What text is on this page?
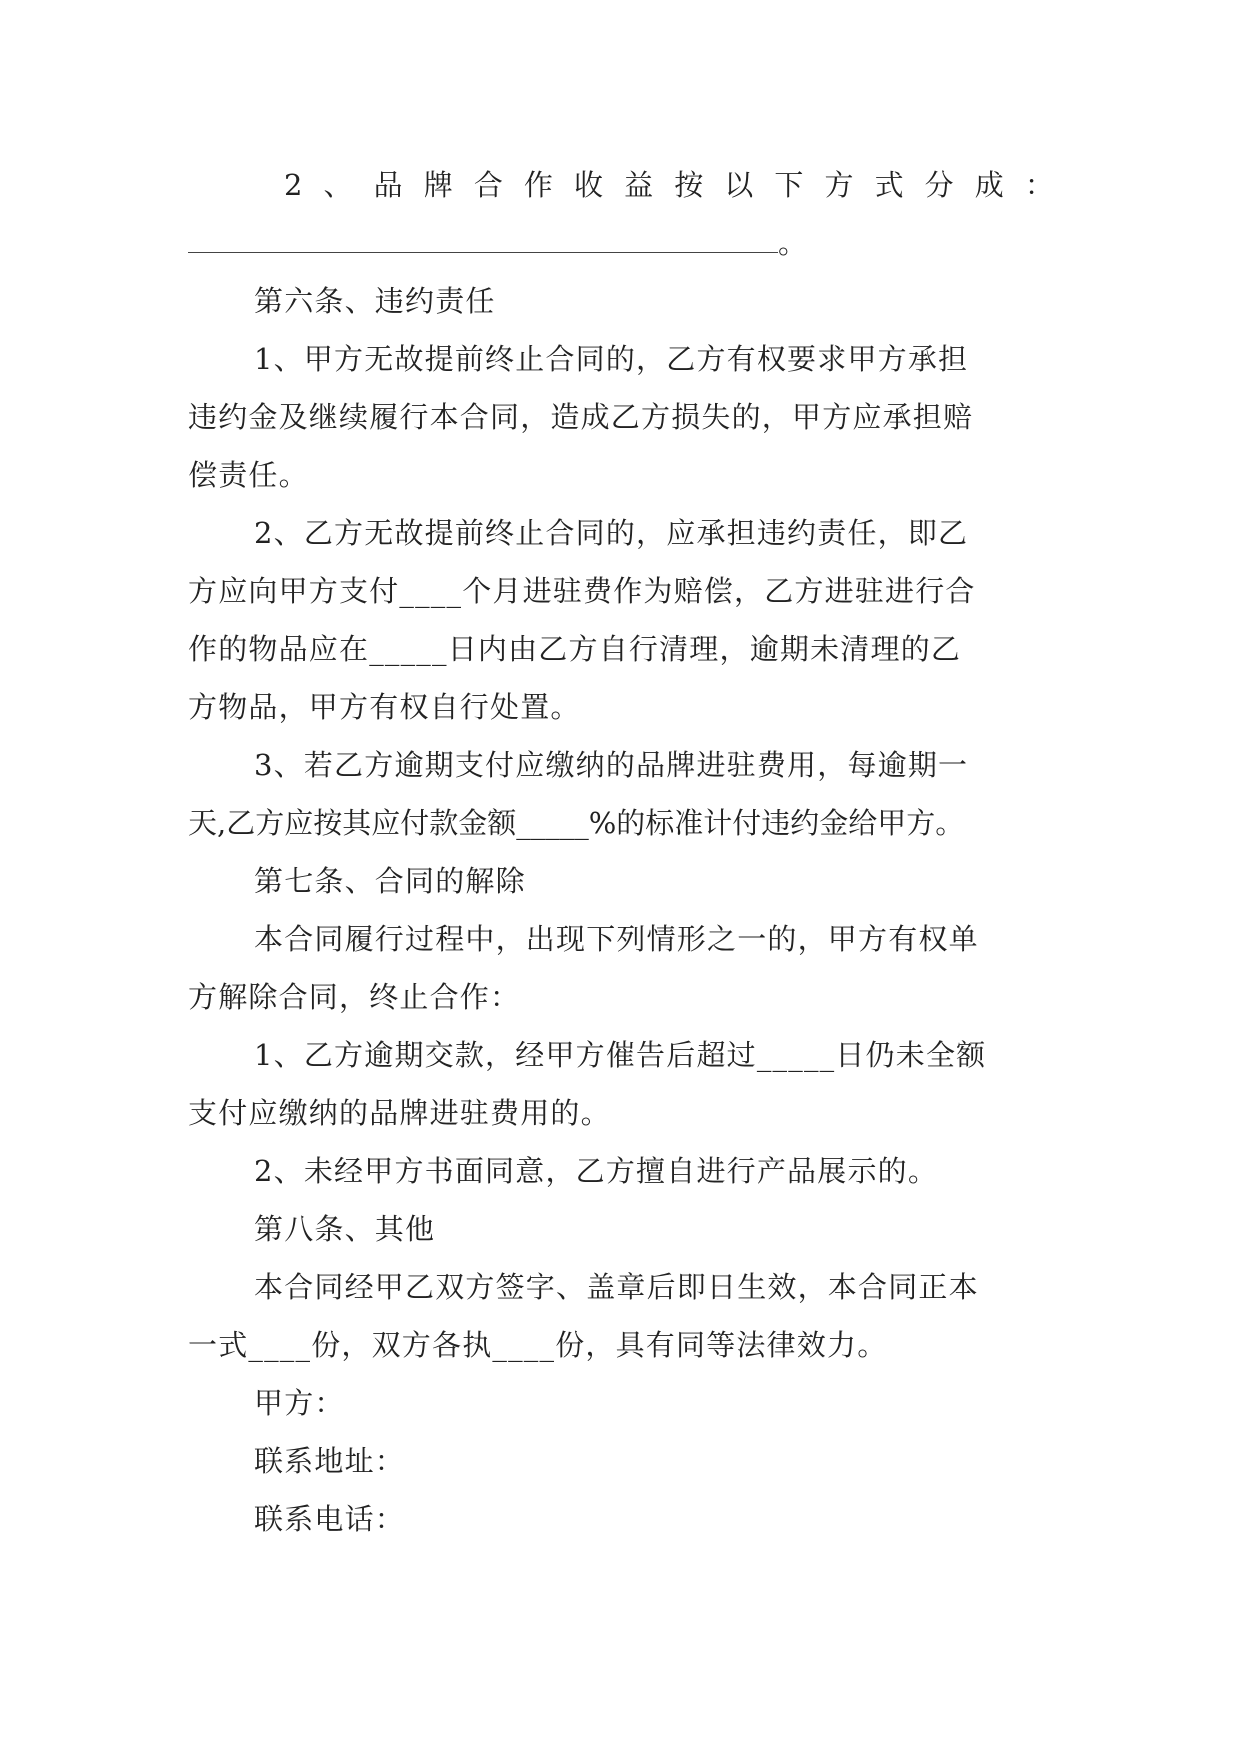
2 、 品 牌 合 作 收 益 按 以 下 方 式 分 成 ：
。
第六条、违约责任
1、甲方无故提前终止合同的，乙方有权要求甲方承担
违约金及继续履行本合同，造成乙方损失的，甲方应承担赔
偿责任。
2、乙方无故提前终止合同的，应承担违约责任，即乙
方应向甲方支付____个月进驻费作为赔偿，乙方进驻进行合
作的物品应在_____日内由乙方自行清理，逾期未清理的乙
方物品，甲方有权自行处置。
3、若乙方逾期支付应缴纳的品牌进驻费用，每逾期一
天,乙方应按其应付款金额_____%的标准计付违约金给甲方。
第七条、合同的解除
本合同履行过程中，出现下列情形之一的，甲方有权单
方解除合同，终止合作：
1、乙方逾期交款，经甲方催告后超过_____日仍未全额
支付应缴纳的品牌进驻费用的。
2、未经甲方书面同意，乙方擅自进行产品展示的。
第八条、其他
本合同经甲乙双方签字、盖章后即日生效，本合同正本
一式____份，双方各执____份，具有同等法律效力。
甲方：
联系地址：
联系电话：
